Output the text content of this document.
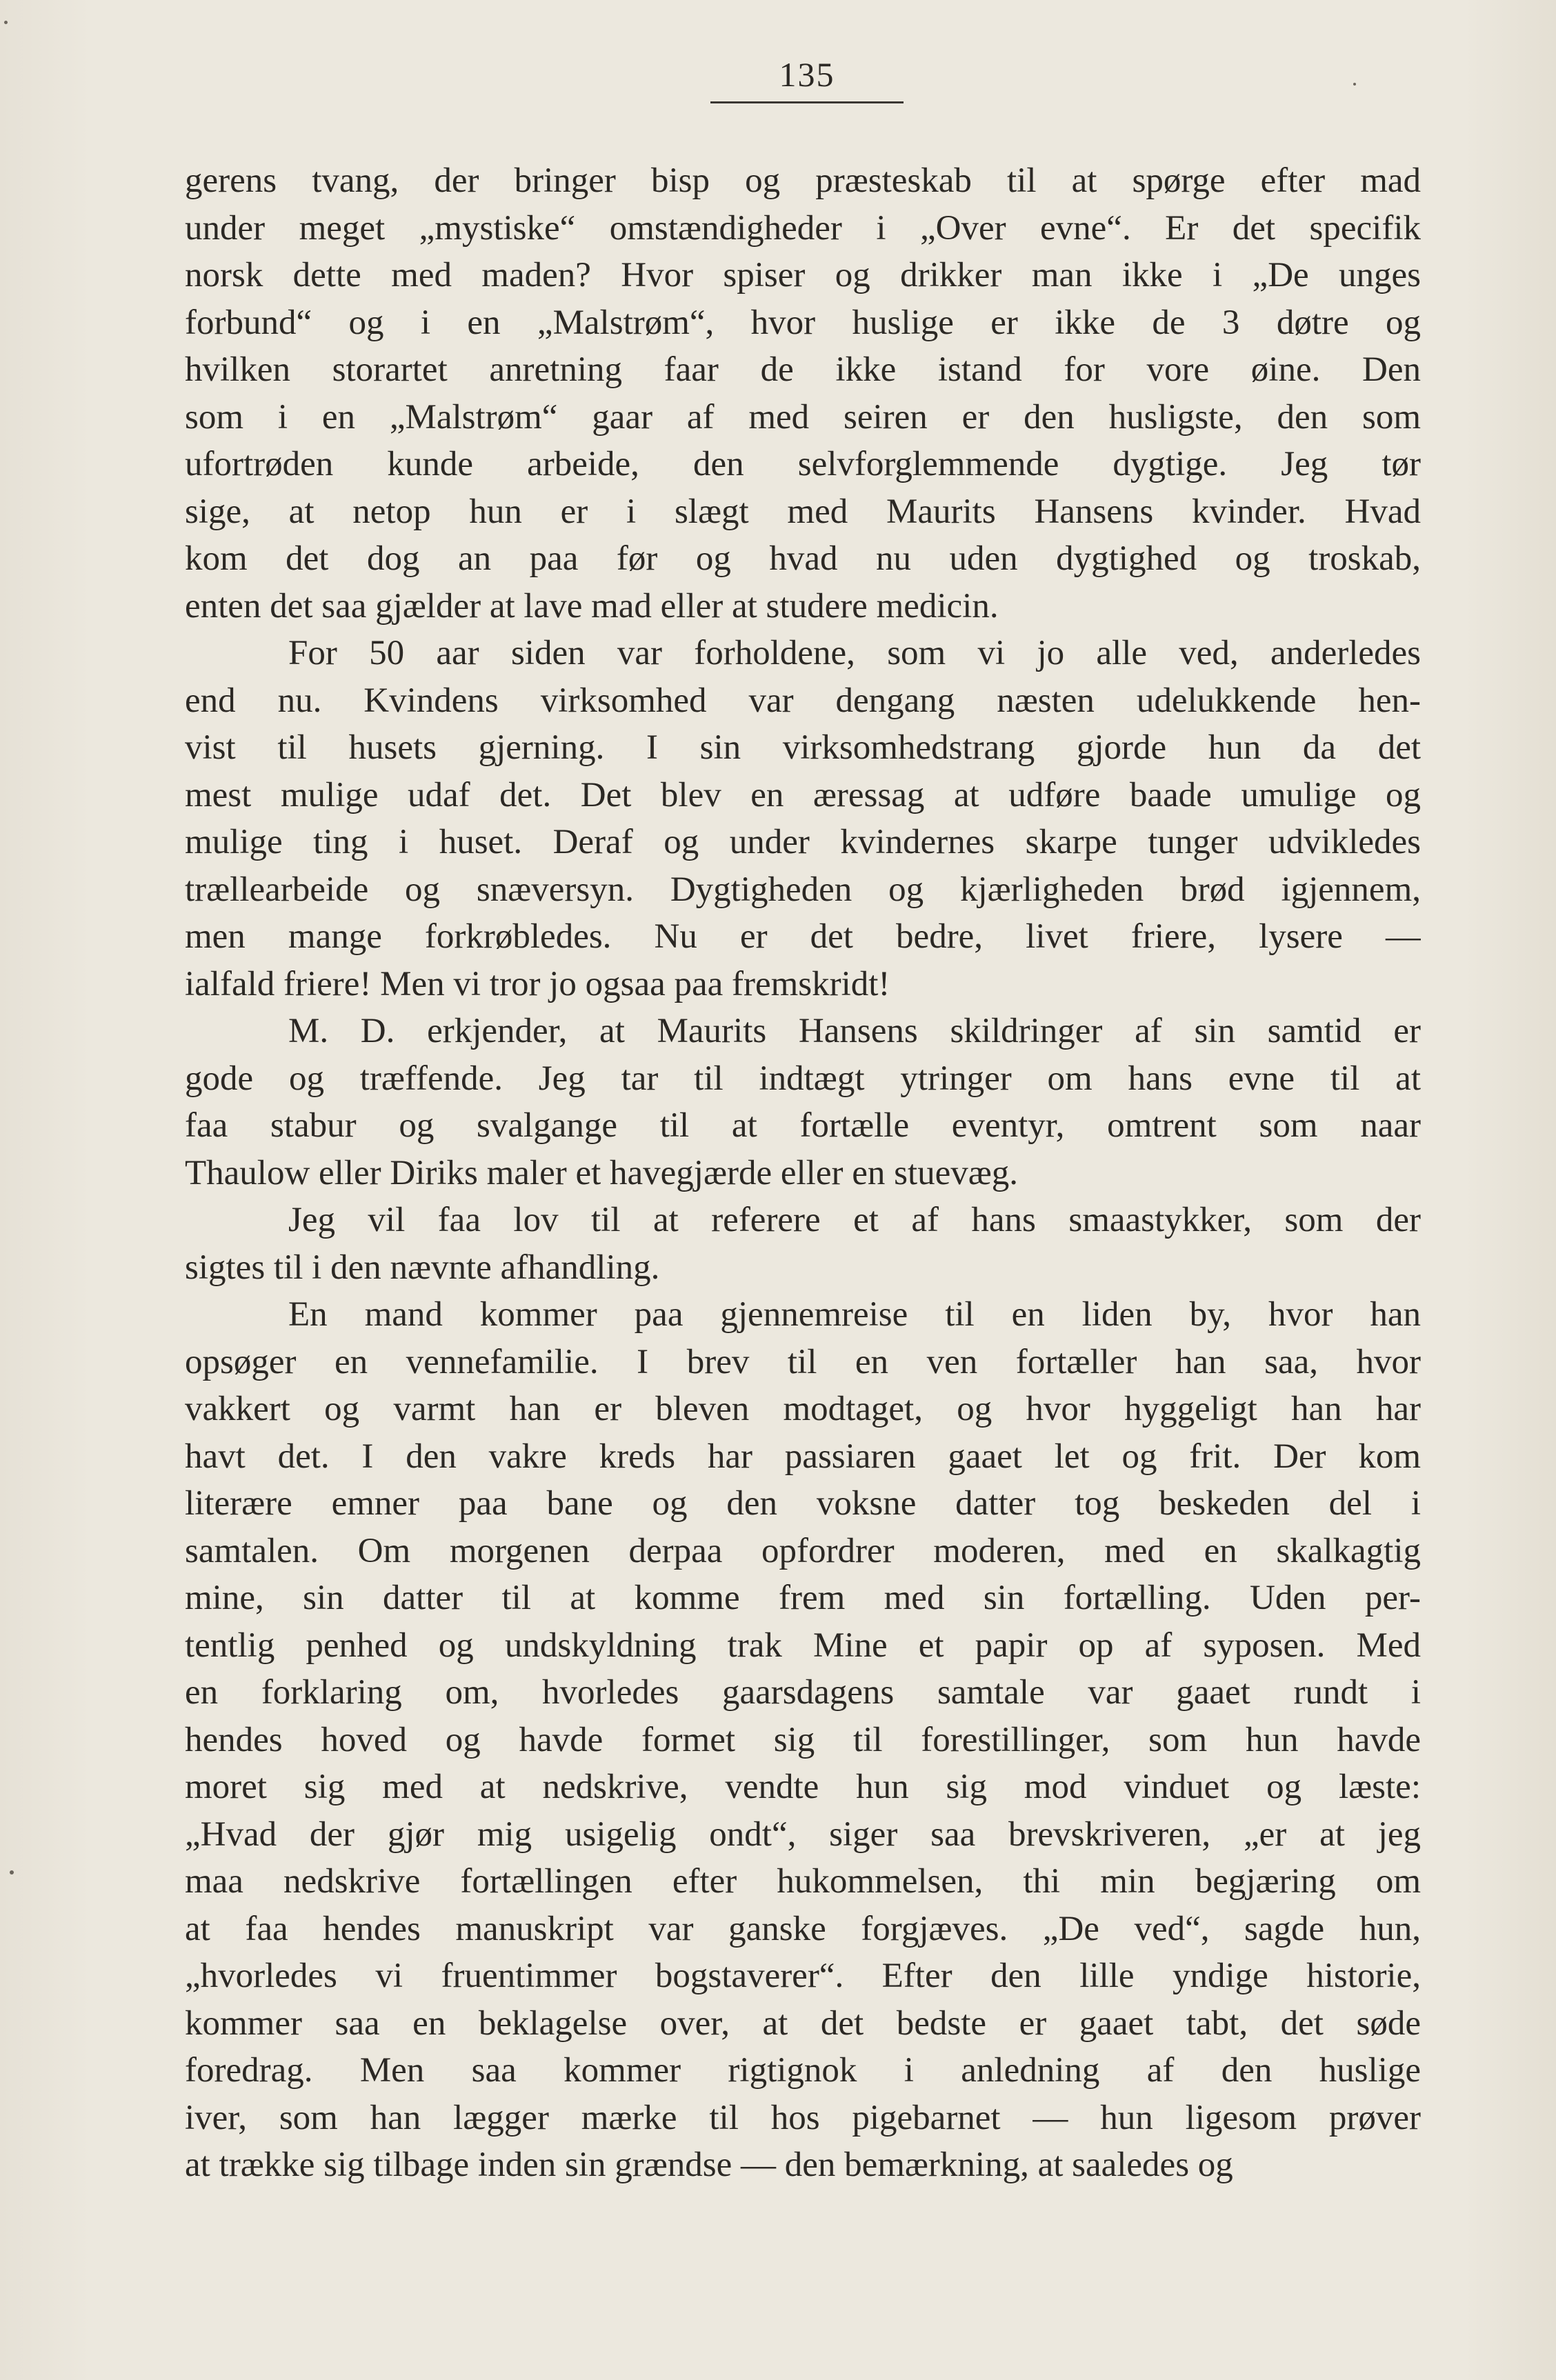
135
gerens tvang, der bringer bisp og præsteskab til at spørge efter mad
under meget „mystiske“ omstændigheder i „Over evne“. Er det specifik
norsk dette med maden? Hvor spiser og drikker man ikke i „De unges
forbund“ og i en „Malstrøm“, hvor huslige er ikke de 3 døtre og
hvilken storartet anretning faar de ikke istand for vore øine. Den
som i en „Malstrøm“ gaar af med seiren er den husligste, den som
ufortrøden kunde arbeide, den selvforglemmende dygtige. Jeg tør
sige, at netop hun er i slægt med Maurits Hansens kvinder. Hvad
kom det dog an paa før og hvad nu uden dygtighed og troskab,
enten det saa gjælder at lave mad eller at studere medicin.
For 50 aar siden var forholdene, som vi jo alle ved, anderledes
end nu. Kvindens virksomhed var dengang næsten udelukkende hen-
vist til husets gjerning. I sin virksomhedstrang gjorde hun da det
mest mulige udaf det. Det blev en æressag at udføre baade umulige og
mulige ting i huset. Deraf og under kvindernes skarpe tunger udvikledes
trællearbeide og snæversyn. Dygtigheden og kjærligheden brød igjennem,
men mange forkrøbledes. Nu er det bedre, livet friere, lysere —
ialfald friere! Men vi tror jo ogsaa paa fremskridt!
M. D. erkjender, at Maurits Hansens skildringer af sin samtid er
gode og træffende. Jeg tar til indtægt ytringer om hans evne til at
faa stabur og svalgange til at fortælle eventyr, omtrent som naar
Thaulow eller Diriks maler et havegjærde eller en stuevæg.
Jeg vil faa lov til at referere et af hans smaastykker, som der
sigtes til i den nævnte afhandling.
En mand kommer paa gjennemreise til en liden by, hvor han
opsøger en vennefamilie. I brev til en ven fortæller han saa, hvor
vakkert og varmt han er bleven modtaget, og hvor hyggeligt han har
havt det. I den vakre kreds har passiaren gaaet let og frit. Der kom
literære emner paa bane og den voksne datter tog beskeden del i
samtalen. Om morgenen derpaa opfordrer moderen, med en skalkagtig
mine, sin datter til at komme frem med sin fortælling. Uden per-
tentlig penhed og undskyldning trak Mine et papir op af syposen. Med
en forklaring om, hvorledes gaarsdagens samtale var gaaet rundt i
hendes hoved og havde formet sig til forestillinger, som hun havde
moret sig med at nedskrive, vendte hun sig mod vinduet og læste:
„Hvad der gjør mig usigelig ondt“, siger saa brevskriveren, „er at jeg
maa nedskrive fortællingen efter hukommelsen, thi min begjæring om
at faa hendes manuskript var ganske forgjæves. „De ved“, sagde hun,
„hvorledes vi fruentimmer bogstaverer“. Efter den lille yndige historie,
kommer saa en beklagelse over, at det bedste er gaaet tabt, det søde
foredrag. Men saa kommer rigtignok i anledning af den huslige
iver, som han lægger mærke til hos pigebarnet — hun ligesom prøver
at trække sig tilbage inden sin grændse — den bemærkning, at saaledes og
